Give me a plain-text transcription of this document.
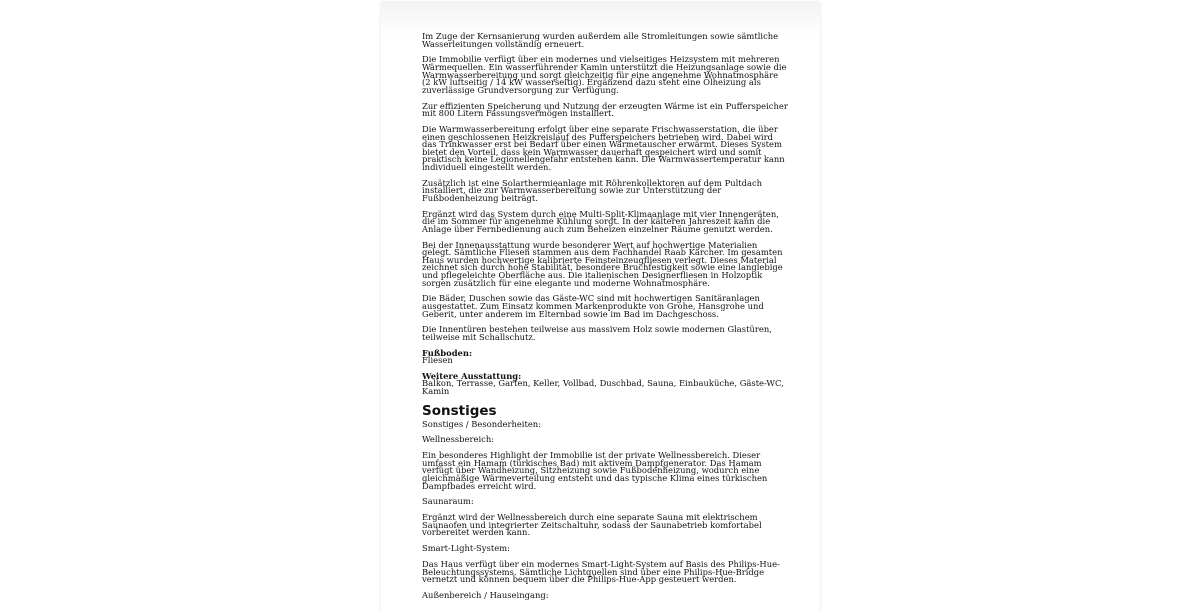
Im Zuge der Kernsanierung wurden außerdem alle Stromleitungen sowie sämtliche Wasserleitungen vollständig erneuert.

Die Immobilie verfügt über ein modernes und vielseitiges Heizsystem mit mehreren Wärmequellen. Ein wasserführender Kamin unterstützt die Heizungsanlage sowie die Warmwasserbereitung und sorgt gleichzeitig für eine angenehme Wohnatmosphäre (2 kW luftseitig / 14 kW wasserseitig). Ergänzend dazu steht eine Ölheizung als zuverlässige Grundversorgung zur Verfügung.

Zur effizienten Speicherung und Nutzung der erzeugten Wärme ist ein Pufferspeicher mit 800 Litern Fassungsvermögen installiert.

Die Warmwasserbereitung erfolgt über eine separate Frischwasserstation, die über einen geschlossenen Heizkreislauf des Pufferspeichers betrieben wird. Dabei wird das Trinkwasser erst bei Bedarf über einen Wärmetauscher erwärmt. Dieses System bietet den Vorteil, dass kein Warmwasser dauerhaft gespeichert wird und somit praktisch keine Legionellengefahr entstehen kann. Die Warmwassertemperatur kann individuell eingestellt werden.

Zusätzlich ist eine Solarthermieanlage mit Röhrenkollektoren auf dem Pultdach installiert, die zur Warmwasserbereitung sowie zur Unterstützung der Fußbodenheizung beiträgt.

Ergänzt wird das System durch eine Multi-Split-Klimaanlage mit vier Innengeräten, die im Sommer für angenehme Kühlung sorgt. In der kälteren Jahreszeit kann die Anlage über Fernbedienung auch zum Beheizen einzelner Räume genutzt werden.

Bei der Innenausstattung wurde besonderer Wert auf hochwertige Materialien gelegt. Sämtliche Fliesen stammen aus dem Fachhandel Raab Karcher. Im gesamten Haus wurden hochwertige kalibrierte Feinsteinzeugfliesen verlegt. Dieses Material zeichnet sich durch hohe Stabilität, besondere Bruchfestigkeit sowie eine langlebige und pflegeleichte Oberfläche aus. Die italienischen Designerfliesen in Holzoptik sorgen zusätzlich für eine elegante und moderne Wohnatmosphäre.

Die Bäder, Duschen sowie das Gäste-WC sind mit hochwertigen Sanitäranlagen ausgestattet. Zum Einsatz kommen Markenprodukte von Grohe, Hansgrohe und Geberit, unter anderem im Elternbad sowie im Bad im Dachgeschoss.

Die Innentüren bestehen teilweise aus massivem Holz sowie modernen Glastüren, teilweise mit Schallschutz.

Fußboden:

Fliesen

Weitere Ausstattung:

Balkon, Terrasse, Garten, Keller, Vollbad, Duschbad, Sauna, Einbauküche, Gäste-WC, Kamin

Sonstiges

Sonstiges / Besonderheiten:

Wellnessbereich:

Ein besonderes Highlight der Immobilie ist der private Wellnessbereich. Dieser umfasst ein Hamam (türkisches Bad) mit aktivem Dampfgenerator. Das Hamam verfügt über Wandheizung, Sitzheizung sowie Fußbodenheizung, wodurch eine gleichmäßige Wärmeverteilung entsteht und das typische Klima eines türkischen Dampfbades erreicht wird.

Saunaraum:

Ergänzt wird der Wellnessbereich durch eine separate Sauna mit elektrischem Saunaofen und integrierter Zeitschaltuhr, sodass der Saunabetrieb komfortabel vorbereitet werden kann.

Smart-Light-System:

Das Haus verfügt über ein modernes Smart-Light-System auf Basis des Philips-Hue-Beleuchtungssystems. Sämtliche Lichtquellen sind über eine Philips-Hue-Bridge vernetzt und können bequem über die Philips-Hue-App gesteuert werden.

Außenbereich / Hauseingang:
